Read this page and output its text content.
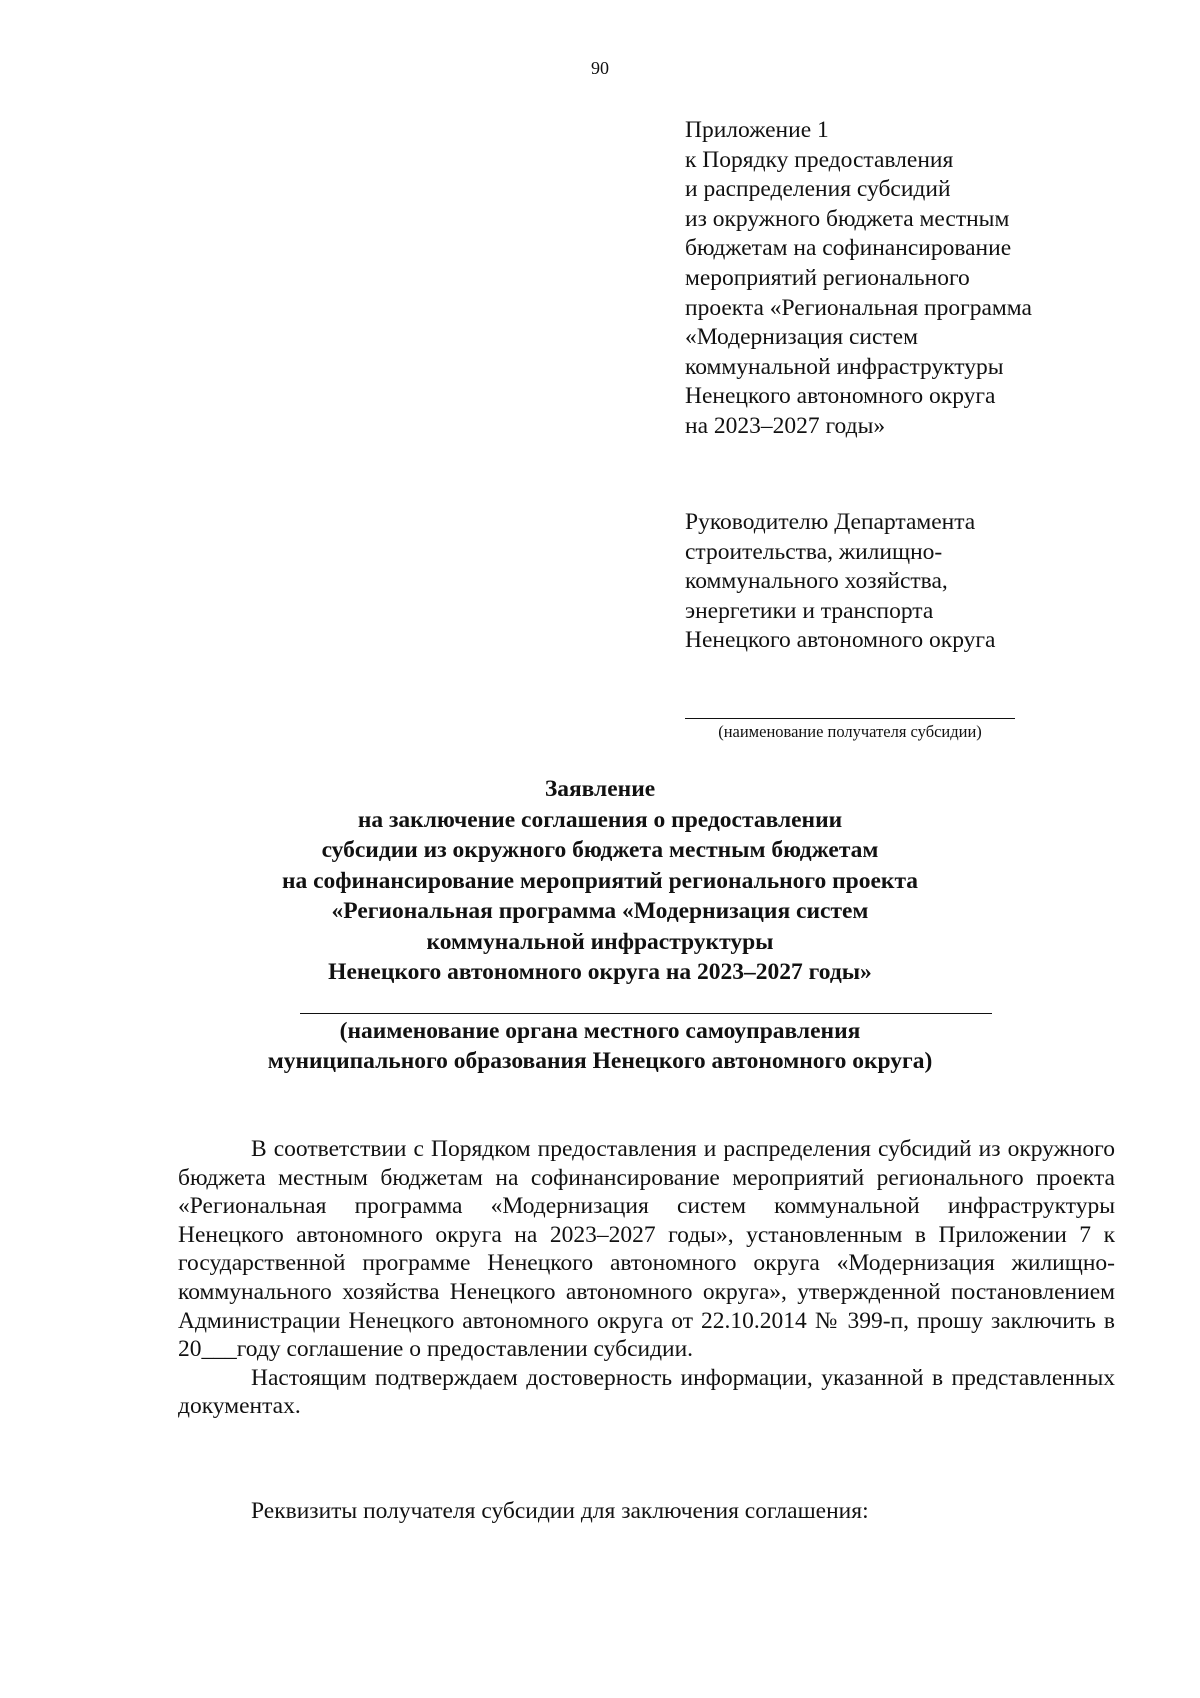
90
Приложение 1
к Порядку предоставления
и распределения субсидий
из окружного бюджета местным
бюджетам на софинансирование
мероприятий регионального
проекта «Региональная программа
«Модернизация систем
коммунальной инфраструктуры
Ненецкого автономного округа
на 2023–2027 годы»
Руководителю Департамента
строительства, жилищно-
коммунального хозяйства,
энергетики и транспорта
Ненецкого автономного округа
(наименование получателя субсидии)
Заявление
на заключение соглашения о предоставлении
субсидии из окружного бюджета местным бюджетам
на софинансирование мероприятий регионального проекта
«Региональная программа «Модернизация систем
коммунальной инфраструктуры
Ненецкого автономного округа на 2023–2027 годы»
(наименование органа местного самоуправления
муниципального образования Ненецкого автономного округа)

В соответствии с Порядком предоставления и распределения субсидий из окружного бюджета местным бюджетам на софинансирование мероприятий регионального проекта «Региональная программа «Модернизация систем коммунальной инфраструктуры Ненецкого автономного округа на 2023–2027 годы», установленным в Приложении 7 к государственной программе Ненецкого автономного округа «Модернизация жилищно-коммунального хозяйства Ненецкого автономного округа», утвержденной постановлением Администрации Ненецкого автономного округа от 22.10.2014 № 399-п, прошу заключить в 20___году соглашение о предоставлении субсидии.

Настоящим подтверждаем достоверность информации, указанной в представленных документах.

Реквизиты получателя субсидии для заключения соглашения:
